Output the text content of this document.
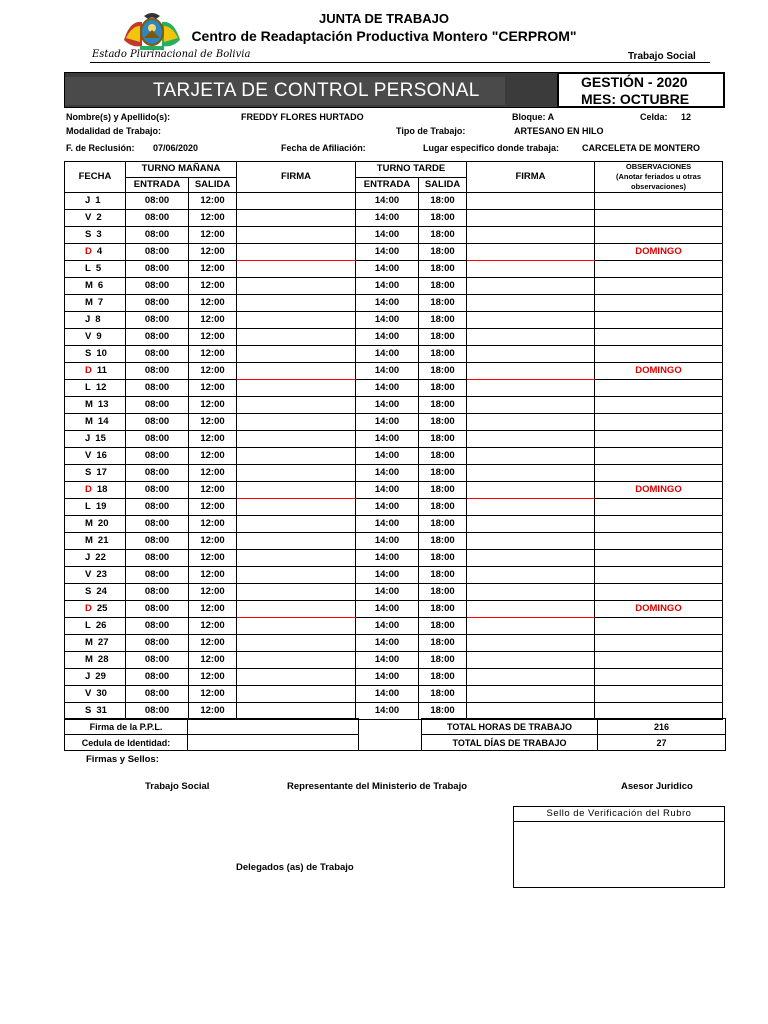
JUNTA DE TRABAJO
Centro de Readaptación Productiva Montero "CERPROM"
Estado Plurinacional de Bolivia	Trabajo Social
TARJETA DE CONTROL PERSONAL	GESTIÓN - 2020
MES: OCTUBRE
Nombre(s) y Apellido(s):	FREDDY FLORES HURTADO	Bloque: A	Celda: 12
Modalidad de Trabajo:	Tipo de Trabajo:	ARTESANO EN HILO
F. de Reclusión: 07/06/2020	Fecha de Afiliación:	Lugar especifico donde trabaja:	CARCELETA DE MONTERO
FECHA	TURNO MAÑANA		FIRMA	TURNO TARDE		FIRMA	OBSERVACIONES
(Anotar feriados u otras
observaciones)

	ENTRADA	SALIDA		ENTRADA	SALIDA		
J 1	08:00	12:00		14:00	18:00		
V 2	08:00	12:00		14:00	18:00		
S 3	08:00	12:00		14:00	18:00		
D 4	08:00	12:00		14:00	18:00		DOMINGO
L 5	08:00	12:00		14:00	18:00		
M 6	08:00	12:00		14:00	18:00		
M 7	08:00	12:00		14:00	18:00		
J 8	08:00	12:00		14:00	18:00		
V 9	08:00	12:00		14:00	18:00		
S 10	08:00	12:00		14:00	18:00		
D 11	08:00	12:00		14:00	18:00		DOMINGO
L 12	08:00	12:00		14:00	18:00		
M 13	08:00	12:00		14:00	18:00		
M 14	08:00	12:00		14:00	18:00		
J 15	08:00	12:00		14:00	18:00		
V 16	08:00	12:00		14:00	18:00		
S 17	08:00	12:00		14:00	18:00		
D 18	08:00	12:00		14:00	18:00		DOMINGO
L 19	08:00	12:00		14:00	18:00		
M 20	08:00	12:00		14:00	18:00		
M 21	08:00	12:00		14:00	18:00		
J 22	08:00	12:00		14:00	18:00		
V 23	08:00	12:00		14:00	18:00		
S 24	08:00	12:00		14:00	18:00		
D 25	08:00	12:00		14:00	18:00		DOMINGO
L 26	08:00	12:00		14:00	18:00		
M 27	08:00	12:00		14:00	18:00		
M 28	08:00	12:00		14:00	18:00		
J 29	08:00	12:00		14:00	18:00		
V 30	08:00	12:00		14:00	18:00		
S 31	08:00	12:00		14:00	18:00		
Firma de la P.P.L.			TOTAL HORAS DE TRABAJO	216
Cedula de Identidad:			TOTAL DÍAS DE TRABAJO	27
Firmas y Sellos:
Trabajo Social	Representante del Ministerio de Trabajo	Asesor Juridico
Delegados (as) de Trabajo
Sello de Verificación del Rubro
